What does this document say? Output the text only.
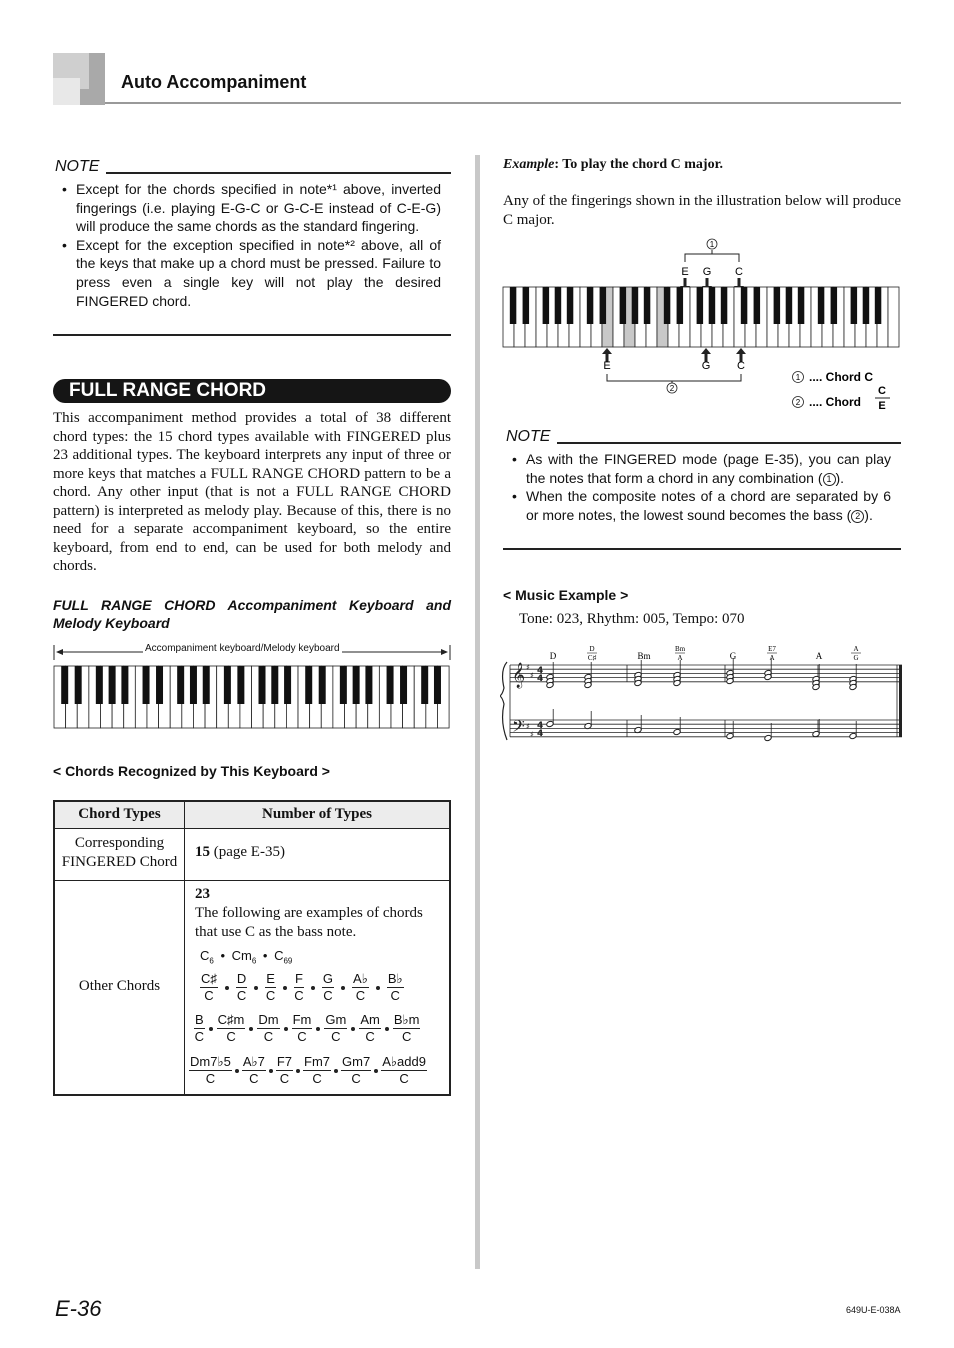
Auto Accompaniment
NOTE
• Except for the chords specified in note*¹ above, inverted fingerings (i.e. playing E-G-C or G-C-E instead of C-E-G) will produce the same chords as the standard fingering.
• Except for the exception specified in note*² above, all of the keys that make up a chord must be pressed. Failure to press even a single key will not play the desired FINGERED chord.
FULL RANGE CHORD
This accompaniment method provides a total of 38 different chord types: the 15 chord types available with FINGERED plus 23 additional types. The keyboard interprets any input of three or more keys that matches a FULL RANGE CHORD pattern to be a chord. Any other input (that is not a FULL RANGE CHORD pattern) is interpreted as melody play. Because of this, there is no need for a separate accompaniment keyboard, so the entire keyboard, from end to end, can be used for both melody and chords.
FULL RANGE CHORD Accompaniment Keyboard and Melody Keyboard
Accompaniment keyboard/Melody keyboard
< Chords Recognized by This Keyboard >
Chord Types	Number of Types
Corresponding FINGERED Chord
15 (page E-35)
Other Chords
23
The following are examples of chords that use C as the bass note.
$C_6$ • $Cm_6$ • $C_{69}$
$\frac{C♯}{C} \frac{D}{C} \frac{E}{C} \frac{F}{C} \frac{G}{C} \frac{A♭}{C} \frac{B♭}{C}$
$\frac{B}{C} \frac{C♯m}{C} \frac{Dm}{C} \frac{Fm}{C} \frac{Gm}{C} \frac{Am}{C} \frac{B♭m}{C}$
$\frac{Dm7♭5}{C} \frac{A♭7}{C} \frac{F7}{C} \frac{Fm7}{C} \frac{Gm7}{C} \frac{\text{A♭add9}}{C}$
Example: To play the chord C major.
Any of the fingerings shown in the illustration below will produce C major.
1
E G C
E	G C
2
1 .... Chord C
2 .... Chord
C
E
NOTE
• As with the FINGERED mode (page E-35), you can play the notes that form a chord in any combination ( 1 ).
• When the composite notes of a chord are separated by 6 or more notes, the lowest sound becomes the bass ( 2 ).
< Music Example >
Tone: 023, Rhythm: 005, Tempo: 070
D
D
C♯	Bm
Bm
A	G
E7
A	A
A
G
𝄞
𝄢
♯
♯
♯
♯
4
4
4
4
E-36	649U-E-038A
